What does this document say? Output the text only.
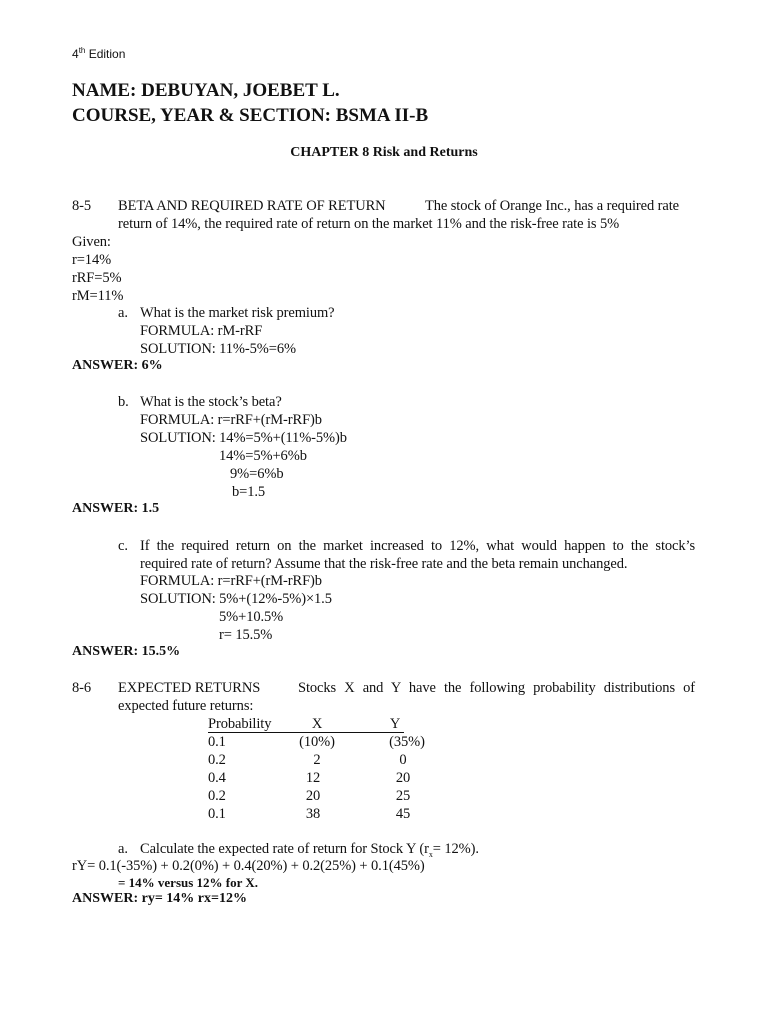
4th Edition
NAME: DEBUYAN, JOEBET L.
COURSE, YEAR & SECTION: BSMA II-B
CHAPTER 8 Risk and Returns
8-5 BETA AND REQUIRED RATE OF RETURN	The stock of Orange Inc., has a required rate
return of 14%, the required rate of return on the market 11% and the risk-free rate is 5%
Given:
r=14%
rRF=5%
rM=11%
a. What is the market risk premium?
FORMULA: rM-rRF
SOLUTION: 11%-5%=6%
ANSWER: 6%
b. What is the stock’s beta?
FORMULA: r=rRF+(rM-rRF)b
SOLUTION: 14%=5%+(11%-5%)b
14%=5%+6%b
9%=6%b
b=1.5
ANSWER: 1.5
c. If the required return on the market increased to 12%, what would happen to the stock’s
required rate of return? Assume that the risk-free rate and the beta remain unchanged.
FORMULA: r=rRF+(rM-rRF)b
SOLUTION: 5%+(12%-5%)×1.5
5%+10.5%
r= 15.5%
ANSWER: 15.5%
8-6 EXPECTED RETURNS	Stocks X and Y have the following probability distributions of
expected future returns:
Probability	X	Y
0.1	(10%)	(35%)
0.2	2	0
0.4	12	20
0.2	20	25
0.1	38	45
a. Calculate the expected rate of return for Stock Y $(r_x= 12\%)$.
rY= 0.1(-35%) + 0.2(0%) + 0.4(20%) + 0.2(25%) + 0.1(45%)
= 14% versus 12% for X.
ANSWER: ry= 14% rx=12%
